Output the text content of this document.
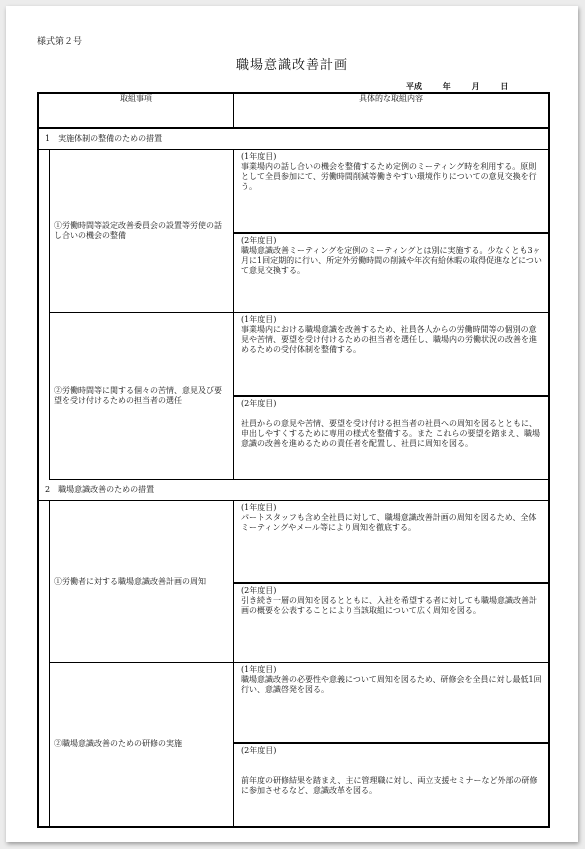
様式第２号
職場意識改善計画
平成	年	月	日
取組事項		具体的な取組内容
1　実施体制の整備のための措置		
	①労働時間等設定改善委員会の設置等労使の話し合いの機会の整備	(1年度目)
事業場内の話し合いの機会を整備するため定例のミーティング時を利用する。原則として全員参加にて、労働時間削減等働きやすい環境作りについての意見交換を行う。

		(2年度目)
職場意識改善ミーティングを定例のミーティングとは別に実施する。少なくとも3ヶ月に1回定期的に行い、所定外労働時間の削減や年次有給休暇の取得促進などについて意見交換する。
	②労働時間等に関する個々の苦情、意見及び要望を受け付けるための担当者の選任	(1年度目)
事業場内における職場意識を改善するため、社員各人からの労働時間等の個別の意見や苦情、要望を受け付けるための担当者を選任し、職場内の労働状況の改善を進めるための受付体制を整備する。

		(2年度目)
社員からの意見や苦情、要望を受け付ける担当者の社員への周知を図るとともに、申出しやすくするために専用の様式を整備する。また これらの要望を踏まえ、職場意識の改善を進めるための責任者を配置し、社員に周知を図る。
2　職場意識改善のための措置		
	①労働者に対する職場意識改善計画の周知	(1年度目)
パートスタッフも含め全社員に対して、職場意識改善計画の周知を図るため、全体ミーティングやメール等により周知を徹底する。

		(2年度目)
引き続き一層の周知を図るとともに、入社を希望する者に対しても職場意識改善計画の概要を公表することにより当該取組について広く周知を図る。
	②職場意識改善のための研修の実施	(1年度目)
職場意識改善の必要性や意義について周知を図るため、研修会を全員に対し最低1回行い、意識啓発を図る。

		(2年度目)
前年度の研修結果を踏まえ、主に管理職に対し、両立支援セミナーなど外部の研修に参加させるなど、意識改革を図る。
